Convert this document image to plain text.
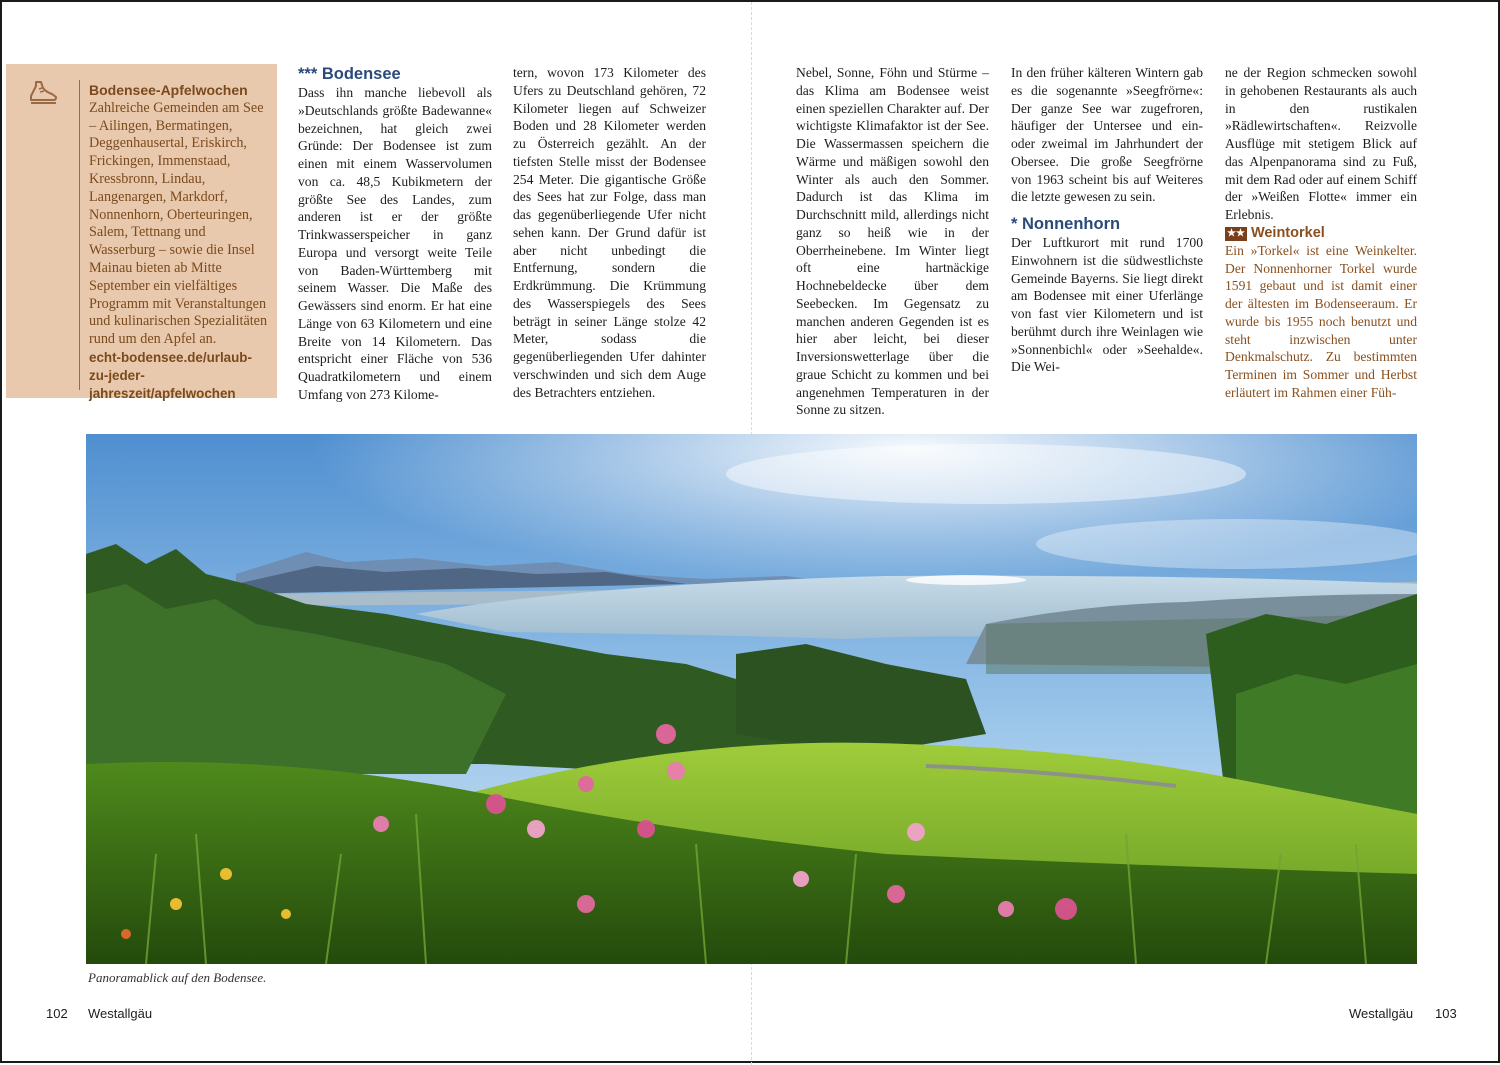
Bodensee-Apfelwochen
Zahlreiche Gemeinden am See – Ailingen, Bermatingen, Deggenhausertal, Eriskirch, Frickingen, Immenstaad, Kressbronn, Lindau, Langenargen, Markdorf, Nonnenhorn, Oberteuringen, Salem, Tettnang und Wasserburg – sowie die Insel Mainau bieten ab Mitte September ein vielfältiges Programm mit Veranstaltungen und kulinarischen Spezialitäten rund um den Apfel an.
echt-bodensee.de/urlaub-zu-jeder-jahreszeit/apfelwochen
*** Bodensee

Dass ihn manche liebevoll als »Deutschlands größte Badewanne« bezeichnen, hat gleich zwei Gründe: Der Bodensee ist zum einen mit einem Wasservolumen von ca. 48,5 Kubikmetern der größte See des Landes, zum anderen ist er der größte Trinkwasserspeicher in ganz Europa und versorgt weite Teile von Baden-Württemberg mit seinem Wasser. Die Maße des Gewässers sind enorm. Er hat eine Länge von 63 Kilometern und eine Breite von 14 Kilometern. Das entspricht einer Fläche von 536 Quadratkilometern und einem Umfang von 273 Kilome-

tern, wovon 173 Kilometer des Ufers zu Deutschland gehören, 72 Kilometer liegen auf Schweizer Boden und 28 Kilometer werden zu Österreich gezählt. An der tiefsten Stelle misst der Bodensee 254 Meter. Die gigantische Größe des Sees hat zur Folge, dass man das gegenüberliegende Ufer nicht sehen kann. Der Grund dafür ist aber nicht unbedingt die Entfernung, sondern die Erdkrümmung. Die Krümmung des Wasserspiegels des Sees beträgt in seiner Länge stolze 42 Meter, sodass die gegenüberliegenden Ufer dahinter verschwinden und sich dem Auge des Betrachters entziehen.

Nebel, Sonne, Föhn und Stürme – das Klima am Bodensee weist einen speziellen Charakter auf. Der wichtigste Klimafaktor ist der See. Die Wassermassen speichern die Wärme und mäßigen sowohl den Winter als auch den Sommer. Dadurch ist das Klima im Durchschnitt mild, allerdings nicht ganz so heiß wie in der Oberrheinebene. Im Winter liegt oft eine hartnäckige Hochnebeldecke über dem Seebecken. Im Gegensatz zu manchen anderen Gegenden ist es hier aber leicht, bei dieser Inversionswetterlage über die graue Schicht zu kommen und bei angenehmen Temperaturen in der Sonne zu sitzen.

In den früher kälteren Wintern gab es die sogenannte »Seegfrörne«: Der ganze See war zugefroren, häufiger der Untersee und ein- oder zweimal im Jahrhundert der Obersee. Die große Seegfrörne von 1963 scheint bis auf Weiteres die letzte gewesen zu sein.

* Nonnenhorn

Der Luftkurort mit rund 1700 Einwohnern ist die südwestlichste Gemeinde Bayerns. Sie liegt direkt am Bodensee mit einer Uferlänge von fast vier Kilometern und ist berühmt durch ihre Weinlagen wie »Sonnenbichl« oder »Seehalde«. Die Wei-

ne der Region schmecken sowohl in gehobenen Restaurants als auch in den rustikalen »Rädlewirtschaften«. Reizvolle Ausflüge mit stetigem Blick auf das Alpenpanorama sind zu Fuß, mit dem Rad oder auf einem Schiff der »Weißen Flotte« immer ein Erlebnis.

★★ Weintorkel

Ein »Torkel« ist eine Weinkelter. Der Nonnenhorner Torkel wurde 1591 gebaut und ist damit einer der ältesten im Bodenseeraum. Er wurde bis 1955 noch benutzt und steht inzwischen unter Denkmalschutz. Zu bestimmten Terminen im Sommer und Herbst erläutert im Rahmen einer Füh-

Panoramablick auf den Bodensee.
102 Westallgäu	Westallgäu 103
